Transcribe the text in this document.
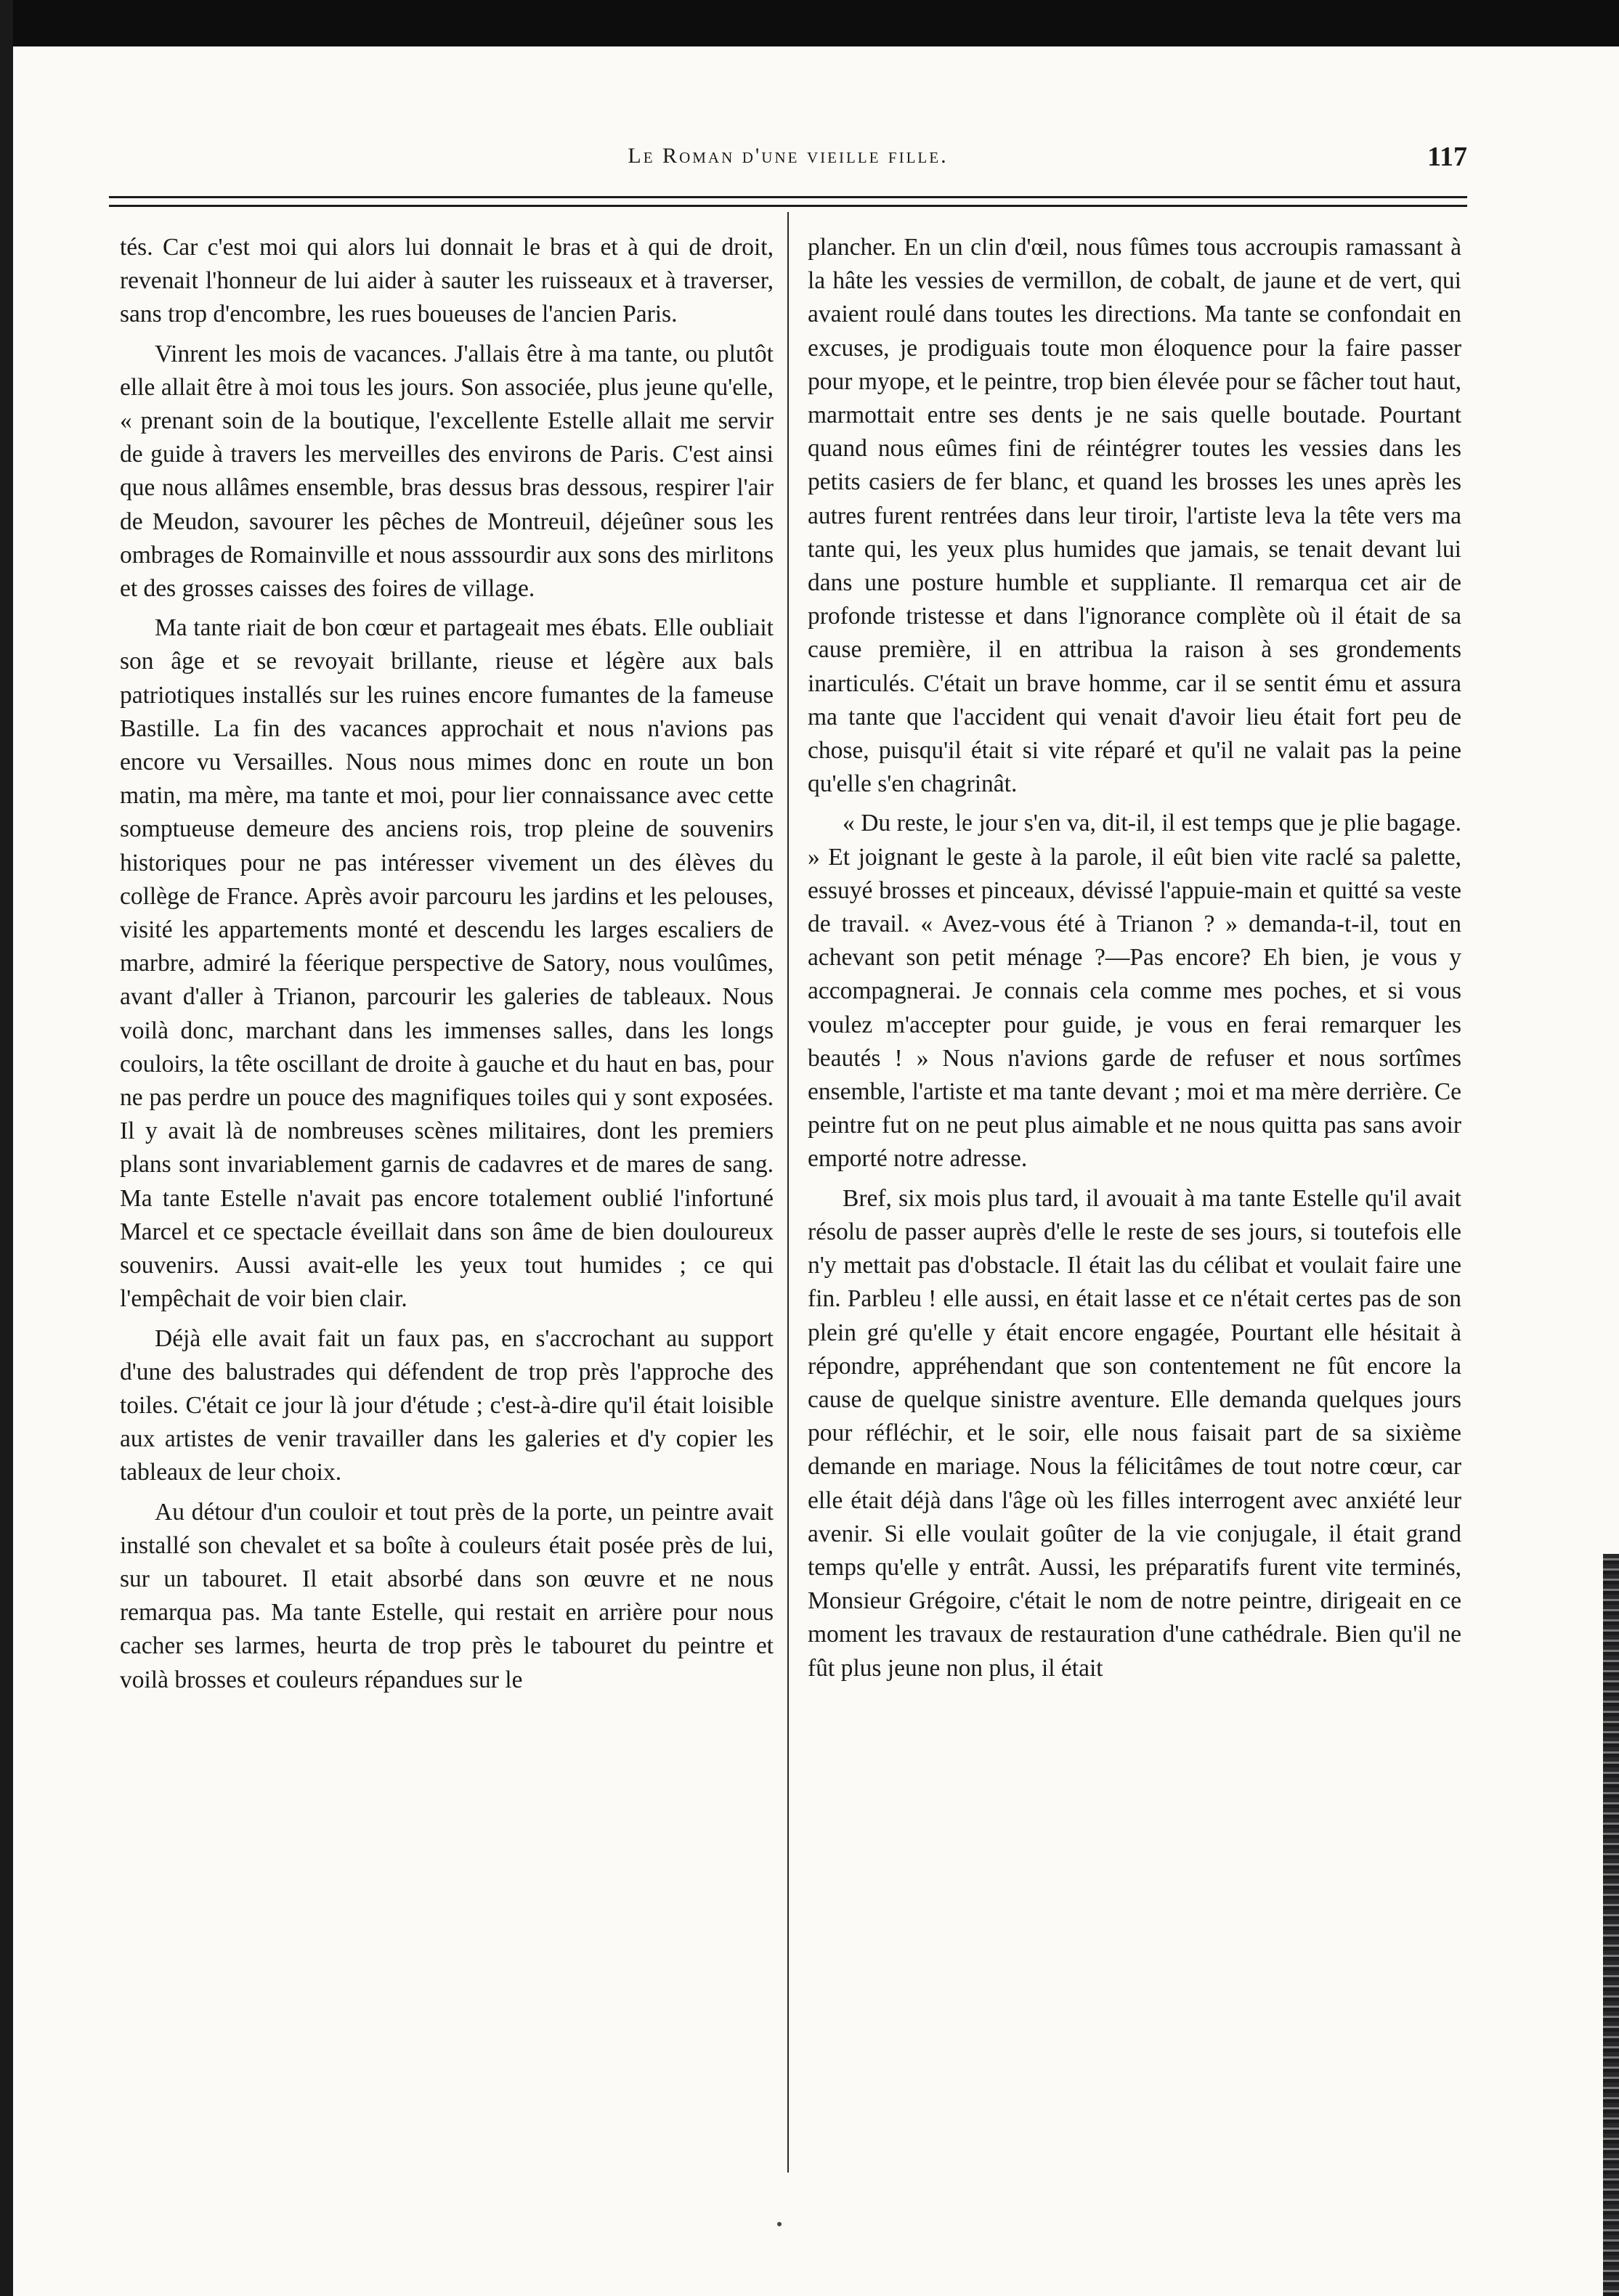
Le Roman d'une vieille fille.	117

tés. Car c'est moi qui alors lui donnait le bras et à qui de droit, revenait l'honneur de lui aider à sauter les ruisseaux et à traverser, sans trop d'encombre, les rues boueuses de l'ancien Paris.

Vinrent les mois de vacances. J'allais être à ma tante, ou plutôt elle allait être à moi tous les jours. Son associée, plus jeune qu'elle, « prenant soin de la boutique, l'excellente Estelle allait me servir de guide à travers les merveilles des environs de Paris. C'est ainsi que nous allâmes ensemble, bras dessus bras dessous, respirer l'air de Meudon, savourer les pêches de Montreuil, déjeûner sous les ombrages de Romainville et nous asssourdir aux sons des mirlitons et des grosses caisses des foires de village.

Ma tante riait de bon cœur et partageait mes ébats. Elle oubliait son âge et se revoyait brillante, rieuse et légère aux bals patriotiques installés sur les ruines encore fumantes de la fameuse Bastille. La fin des vacances approchait et nous n'avions pas encore vu Versailles. Nous nous mimes donc en route un bon matin, ma mère, ma tante et moi, pour lier connaissance avec cette somptueuse demeure des anciens rois, trop pleine de souvenirs historiques pour ne pas intéresser vivement un des élèves du collège de France. Après avoir parcouru les jardins et les pelouses, visité les appartements monté et descendu les larges escaliers de marbre, admiré la féerique perspective de Satory, nous voulûmes, avant d'aller à Trianon, parcourir les galeries de tableaux. Nous voilà donc, marchant dans les immenses salles, dans les longs couloirs, la tête oscillant de droite à gauche et du haut en bas, pour ne pas perdre un pouce des magnifiques toiles qui y sont exposées. Il y avait là de nombreuses scènes militaires, dont les premiers plans sont invariablement garnis de cadavres et de mares de sang. Ma tante Estelle n'avait pas encore totalement oublié l'infortuné Marcel et ce spectacle éveillait dans son âme de bien douloureux souvenirs. Aussi avait-elle les yeux tout humides ; ce qui l'empêchait de voir bien clair.

Déjà elle avait fait un faux pas, en s'accrochant au support d'une des balustrades qui défendent de trop près l'approche des toiles. C'était ce jour là jour d'étude ; c'est-à-dire qu'il était loisible aux artistes de venir travailler dans les galeries et d'y copier les tableaux de leur choix.

Au détour d'un couloir et tout près de la porte, un peintre avait installé son chevalet et sa boîte à couleurs était posée près de lui, sur un tabouret. Il etait absorbé dans son œuvre et ne nous remarqua pas. Ma tante Estelle, qui restait en arrière pour nous cacher ses larmes, heurta de trop près le tabouret du peintre et voilà brosses et couleurs répandues sur le

plancher. En un clin d'œil, nous fûmes tous accroupis ramassant à la hâte les vessies de vermillon, de cobalt, de jaune et de vert, qui avaient roulé dans toutes les directions. Ma tante se confondait en excuses, je prodiguais toute mon éloquence pour la faire passer pour myope, et le peintre, trop bien élevée pour se fâcher tout haut, marmottait entre ses dents je ne sais quelle boutade. Pourtant quand nous eûmes fini de réintégrer toutes les vessies dans les petits casiers de fer blanc, et quand les brosses les unes après les autres furent rentrées dans leur tiroir, l'artiste leva la tête vers ma tante qui, les yeux plus humides que jamais, se tenait devant lui dans une posture humble et suppliante. Il remarqua cet air de profonde tristesse et dans l'ignorance complète où il était de sa cause première, il en attribua la raison à ses grondements inarticulés. C'était un brave homme, car il se sentit ému et assura ma tante que l'accident qui venait d'avoir lieu était fort peu de chose, puisqu'il était si vite réparé et qu'il ne valait pas la peine qu'elle s'en chagrinât.

« Du reste, le jour s'en va, dit-il, il est temps que je plie bagage. » Et joignant le geste à la parole, il eût bien vite raclé sa palette, essuyé brosses et pinceaux, dévissé l'appuie-main et quitté sa veste de travail. « Avez-vous été à Trianon ? » demanda-t-il, tout en achevant son petit ménage ?—Pas encore? Eh bien, je vous y accompagnerai. Je connais cela comme mes poches, et si vous voulez m'accepter pour guide, je vous en ferai remarquer les beautés ! » Nous n'avions garde de refuser et nous sortîmes ensemble, l'artiste et ma tante devant ; moi et ma mère derrière. Ce peintre fut on ne peut plus aimable et ne nous quitta pas sans avoir emporté notre adresse.

Bref, six mois plus tard, il avouait à ma tante Estelle qu'il avait résolu de passer auprès d'elle le reste de ses jours, si toutefois elle n'y mettait pas d'obstacle. Il était las du célibat et voulait faire une fin. Parbleu ! elle aussi, en était lasse et ce n'était certes pas de son plein gré qu'elle y était encore engagée, Pourtant elle hésitait à répondre, appréhendant que son contentement ne fût encore la cause de quelque sinistre aventure. Elle demanda quelques jours pour réfléchir, et le soir, elle nous faisait part de sa sixième demande en mariage. Nous la félicitâmes de tout notre cœur, car elle était déjà dans l'âge où les filles interrogent avec anxiété leur avenir. Si elle voulait goûter de la vie conjugale, il était grand temps qu'elle y entrât. Aussi, les préparatifs furent vite terminés, Monsieur Grégoire, c'était le nom de notre peintre, dirigeait en ce moment les travaux de restauration d'une cathédrale. Bien qu'il ne fût plus jeune non plus, il était
